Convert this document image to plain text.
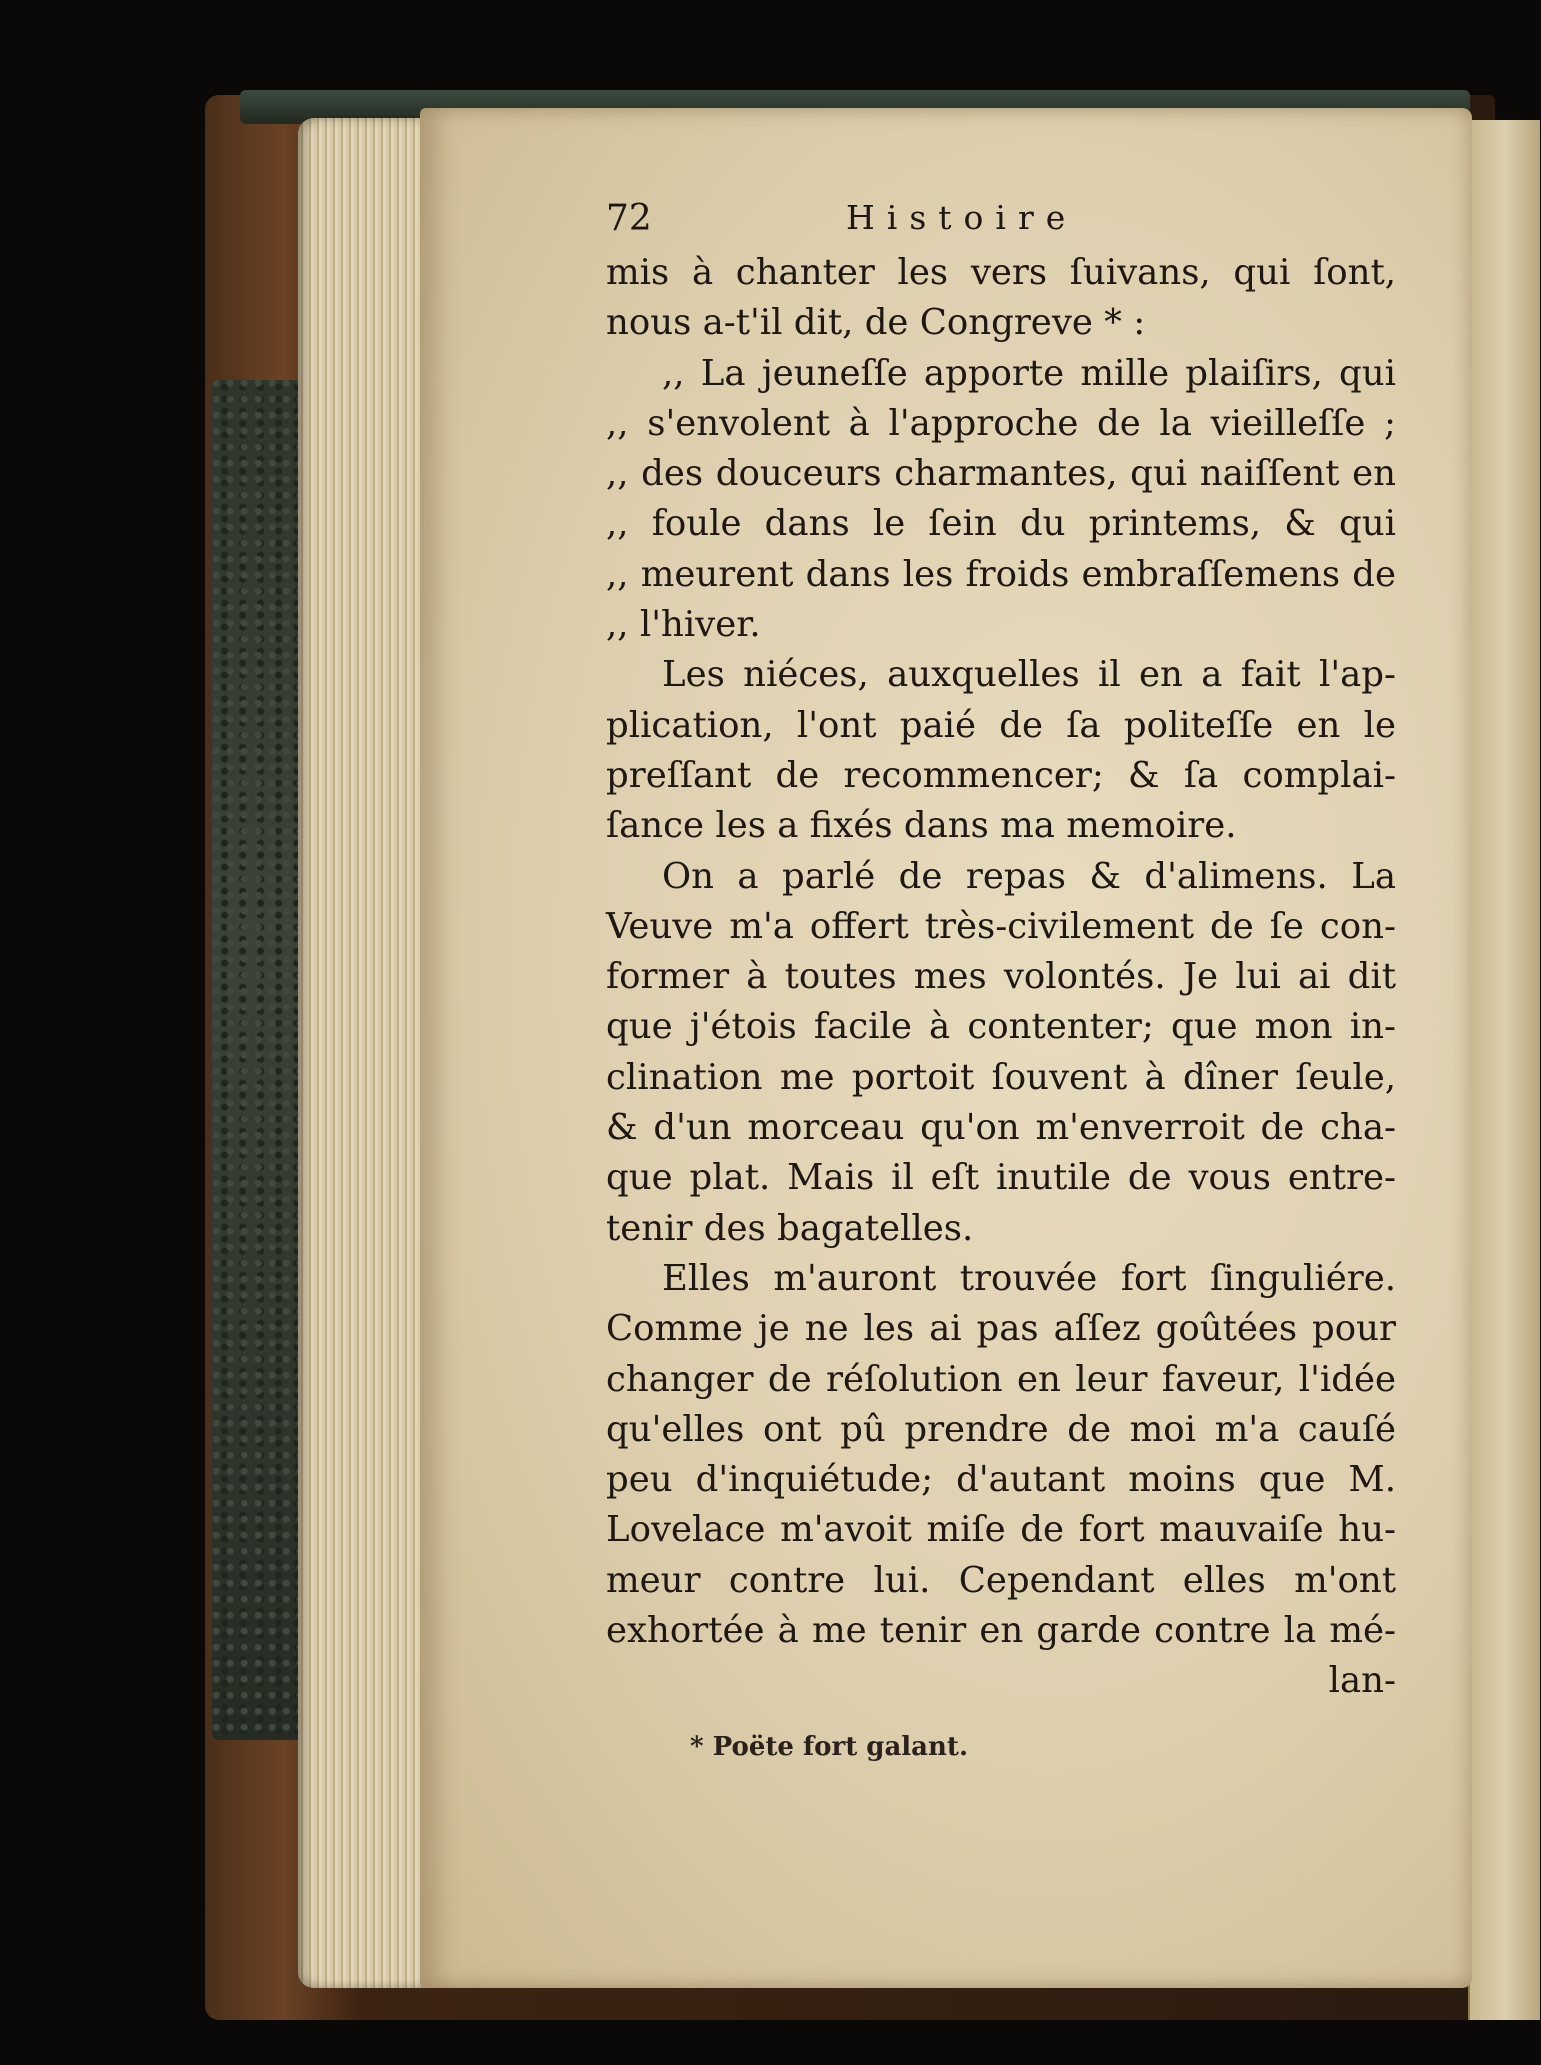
72	Histoire
mis à chanter les vers ſuivans, qui ſont,
nous a-t'il dit, de Congreve * :
,, La jeuneſſe apporte mille plaiſirs, qui
,, s'envolent à l'approche de la vieilleſſe ;
,, des douceurs charmantes, qui naiſſent en
,, foule dans le ſein du printems, & qui
,, meurent dans les froids embraſſemens de
,, l'hiver.
Les niéces, auxquelles il en a fait l'ap-
plication, l'ont paié de ſa politeſſe en le
preſſant de recommencer; & ſa complai-
ſance les a fixés dans ma memoire.
On a parlé de repas & d'alimens. La
Veuve m'a offert très-civilement de ſe con-
former à toutes mes volontés. Je lui ai dit
que j'étois facile à contenter; que mon in-
clination me portoit ſouvent à dîner ſeule,
& d'un morceau qu'on m'enverroit de cha-
que plat. Mais il eſt inutile de vous entre-
tenir des bagatelles.
Elles m'auront trouvée fort ſinguliére.
Comme je ne les ai pas aſſez goûtées pour
changer de réſolution en leur faveur, l'idée
qu'elles ont pû prendre de moi m'a cauſé
peu d'inquiétude; d'autant moins que M.
Lovelace m'avoit miſe de fort mauvaiſe hu-
meur contre lui. Cependant elles m'ont
exhortée à me tenir en garde contre la mé-
lan-
* Poëte fort galant.
